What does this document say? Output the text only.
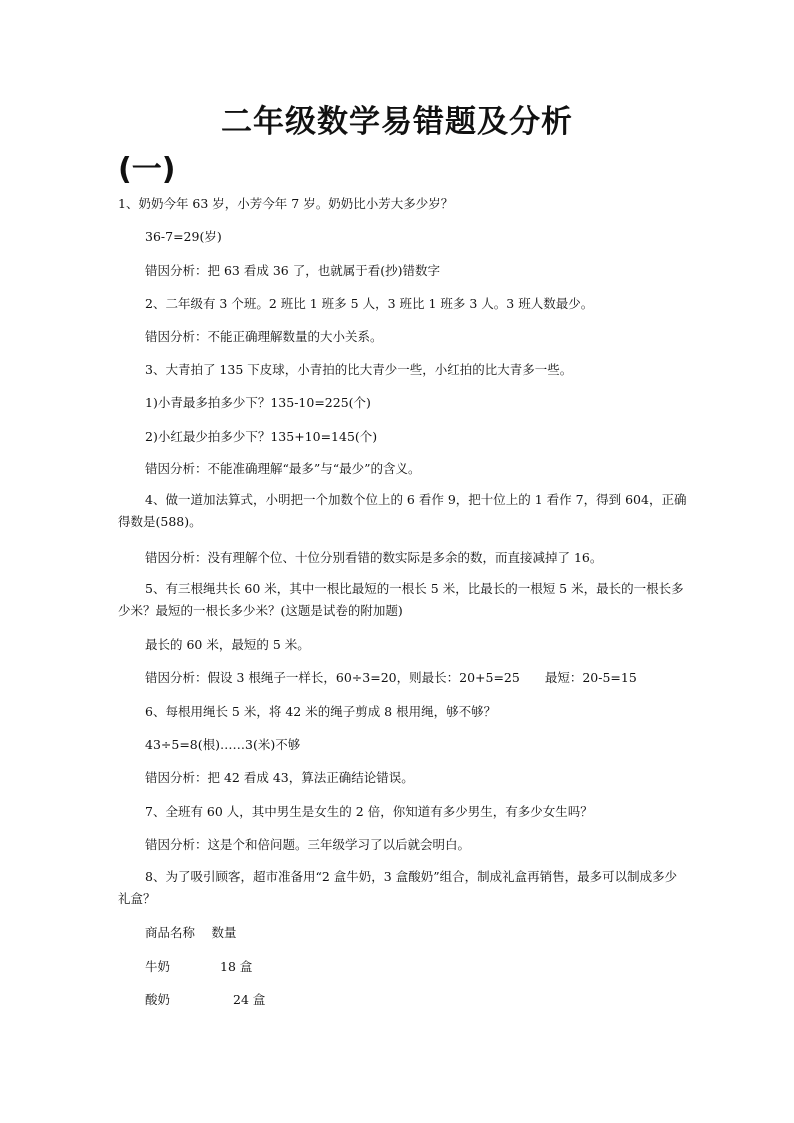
二年级数学易错题及分析
(一)
1、奶奶今年 63 岁，小芳今年 7 岁。奶奶比小芳大多少岁？
36-7=29(岁)
错因分析：把 63 看成 36 了，也就属于看(抄)错数字
2、二年级有 3 个班。2 班比 1 班多 5 人，3 班比 1 班多 3 人。3 班人数最少。
错因分析：不能正确理解数量的大小关系。
3、大青拍了 135 下皮球，小青拍的比大青少一些，小红拍的比大青多一些。
1)小青最多拍多少下？135-10=225(个)
2)小红最少拍多少下？135+10=145(个)
错因分析：不能准确理解“最多”与“最少”的含义。
4、做一道加法算式，小明把一个加数个位上的 6 看作 9，把十位上的 1 看作 7，得到 604，正确得数是(588)。
错因分析：没有理解个位、十位分别看错的数实际是多余的数，而直接减掉了 16。
5、有三根绳共长 60 米，其中一根比最短的一根长 5 米，比最长的一根短 5 米，最长的一根长多少米？最短的一根长多少米？(这题是试卷的附加题)
最长的 60 米，最短的 5 米。
错因分析：假设 3 根绳子一样长，60÷3=20，则最长：20+5=25　　最短：20-5=15
6、每根用绳长 5 米，将 42 米的绳子剪成 8 根用绳，够不够？
43÷5=8(根)……3(米)不够
错因分析：把 42 看成 43，算法正确结论错误。
7、全班有 60 人，其中男生是女生的 2 倍，你知道有多少男生，有多少女生吗？
错因分析：这是个和倍问题。三年级学习了以后就会明白。
8、为了吸引顾客，超市准备用“2 盒牛奶，3 盒酸奶”组合，制成礼盒再销售，最多可以制成多少礼盒？
商品名称　 数量
牛奶	18 盒
酸奶	24 盒
